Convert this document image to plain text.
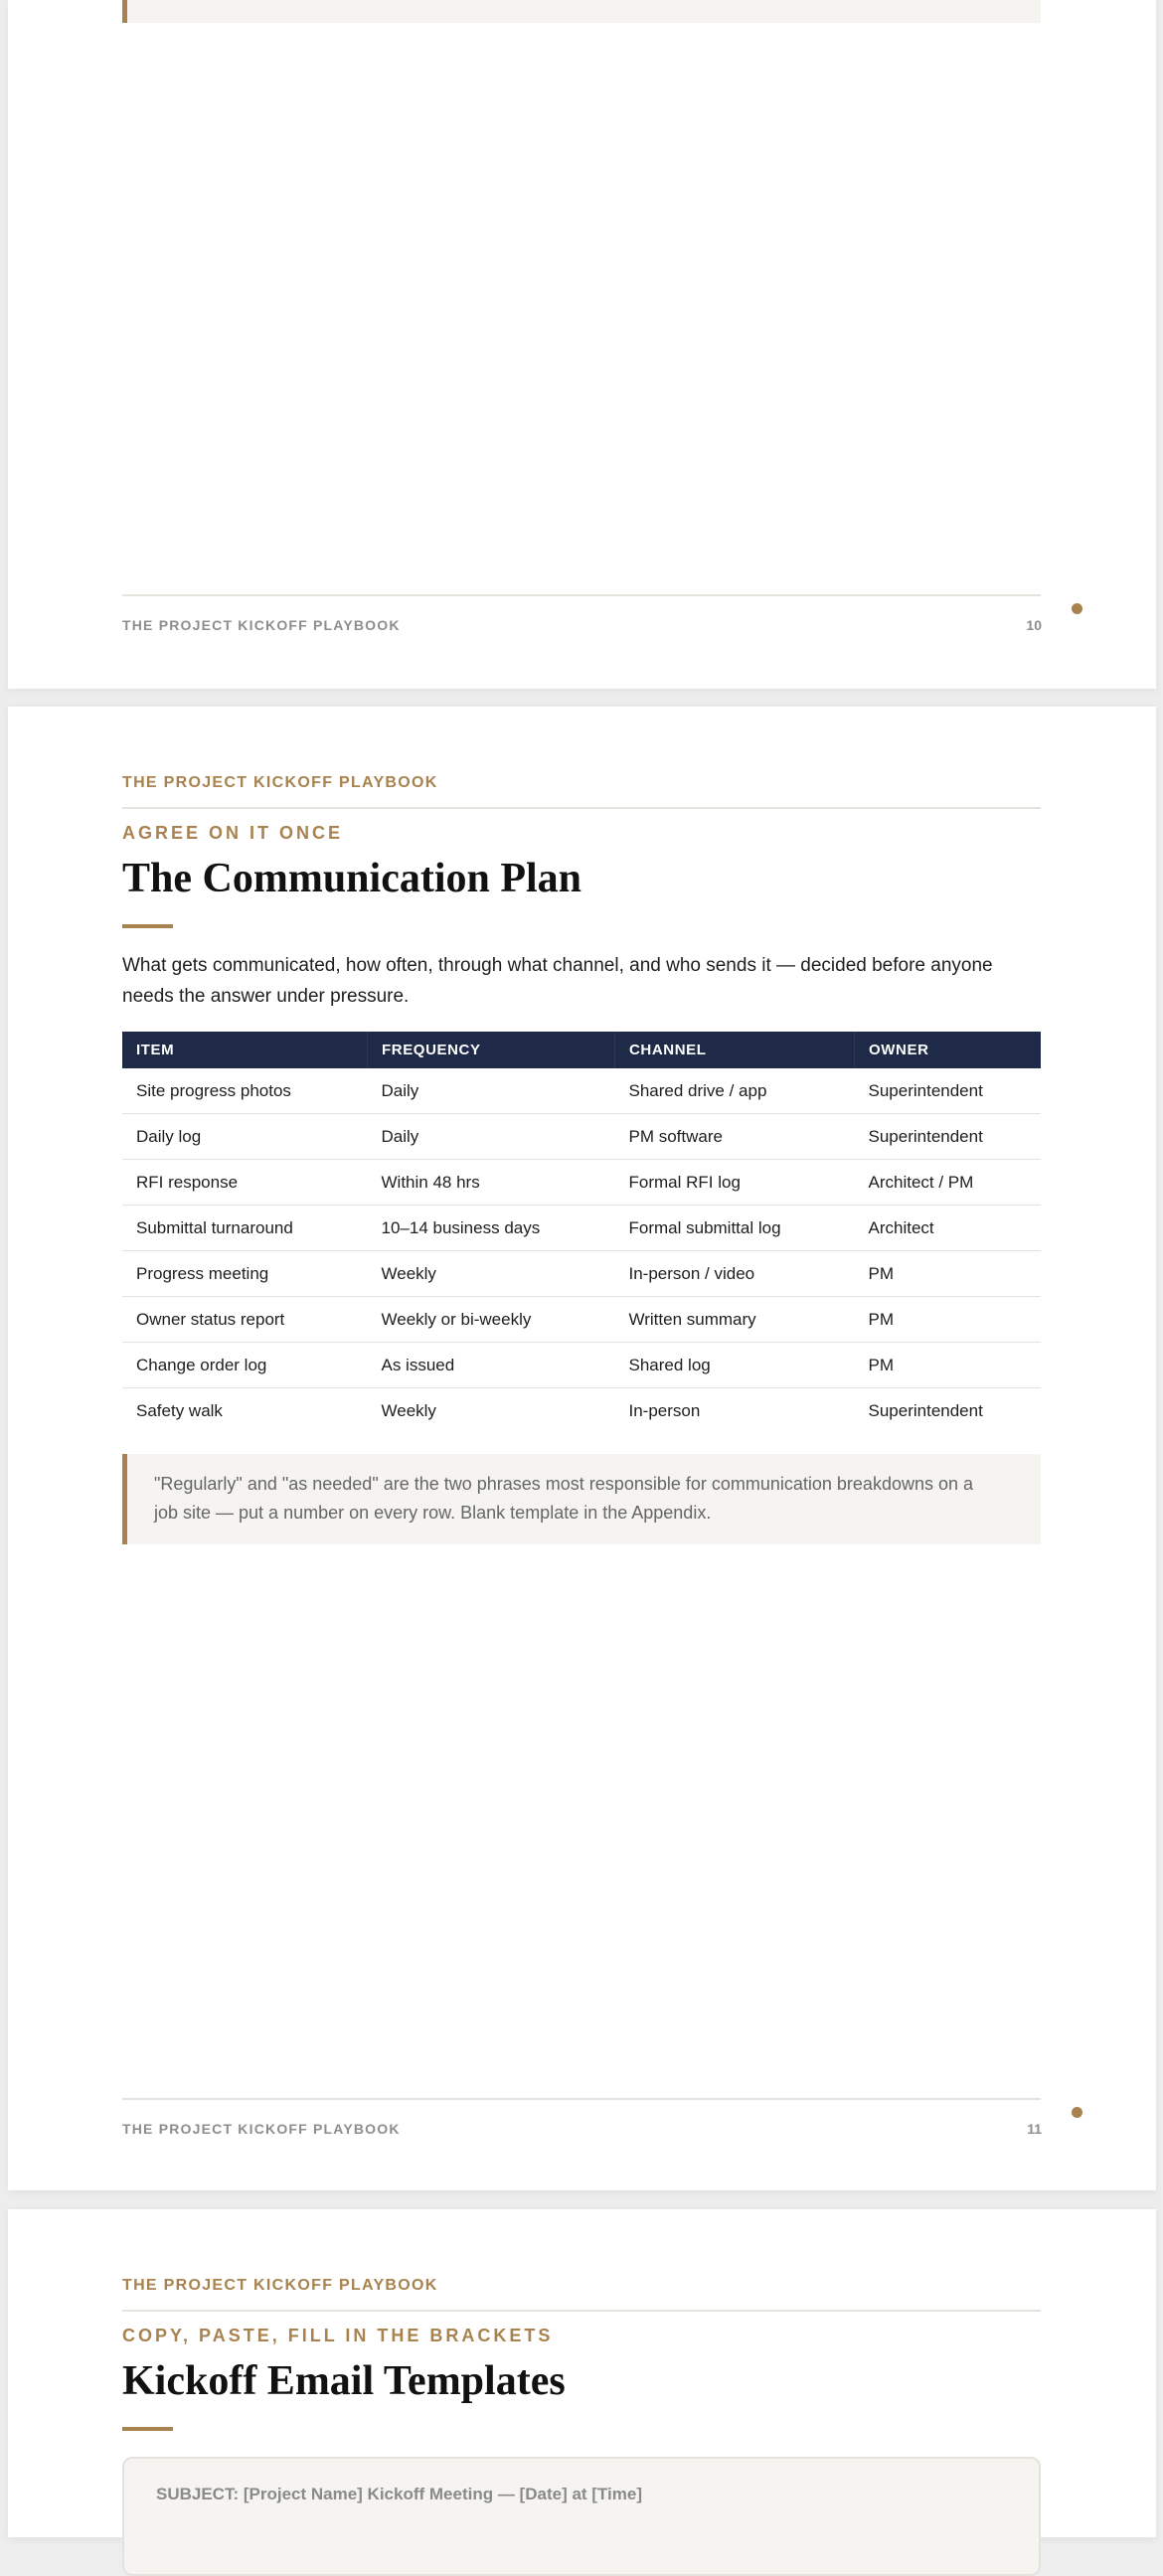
THE PROJECT KICKOFF PLAYBOOK	10
THE PROJECT KICKOFF PLAYBOOK
AGREE ON IT ONCE
The Communication Plan

What gets communicated, how often, through what channel, and who sends it — decided before anyone needs the answer under pressure.

ITEM	FREQUENCY	CHANNEL	OWNER
Site progress photos	Daily	Shared drive / app	Superintendent
Daily log	Daily	PM software	Superintendent
RFI response	Within 48 hrs	Formal RFI log	Architect / PM
Submittal turnaround	10–14 business days	Formal submittal log	Architect
Progress meeting	Weekly	In-person / video	PM
Owner status report	Weekly or bi-weekly	Written summary	PM
Change order log	As issued	Shared log	PM
Safety walk	Weekly	In-person	Superintendent

"Regularly" and "as needed" are the two phrases most responsible for communication breakdowns on a job site — put a number on every row. Blank template in the Appendix.

THE PROJECT KICKOFF PLAYBOOK	11
THE PROJECT KICKOFF PLAYBOOK
COPY, PASTE, FILL IN THE BRACKETS
Kickoff Email Templates
SUBJECT: [Project Name] Kickoff Meeting — [Date] at [Time]
